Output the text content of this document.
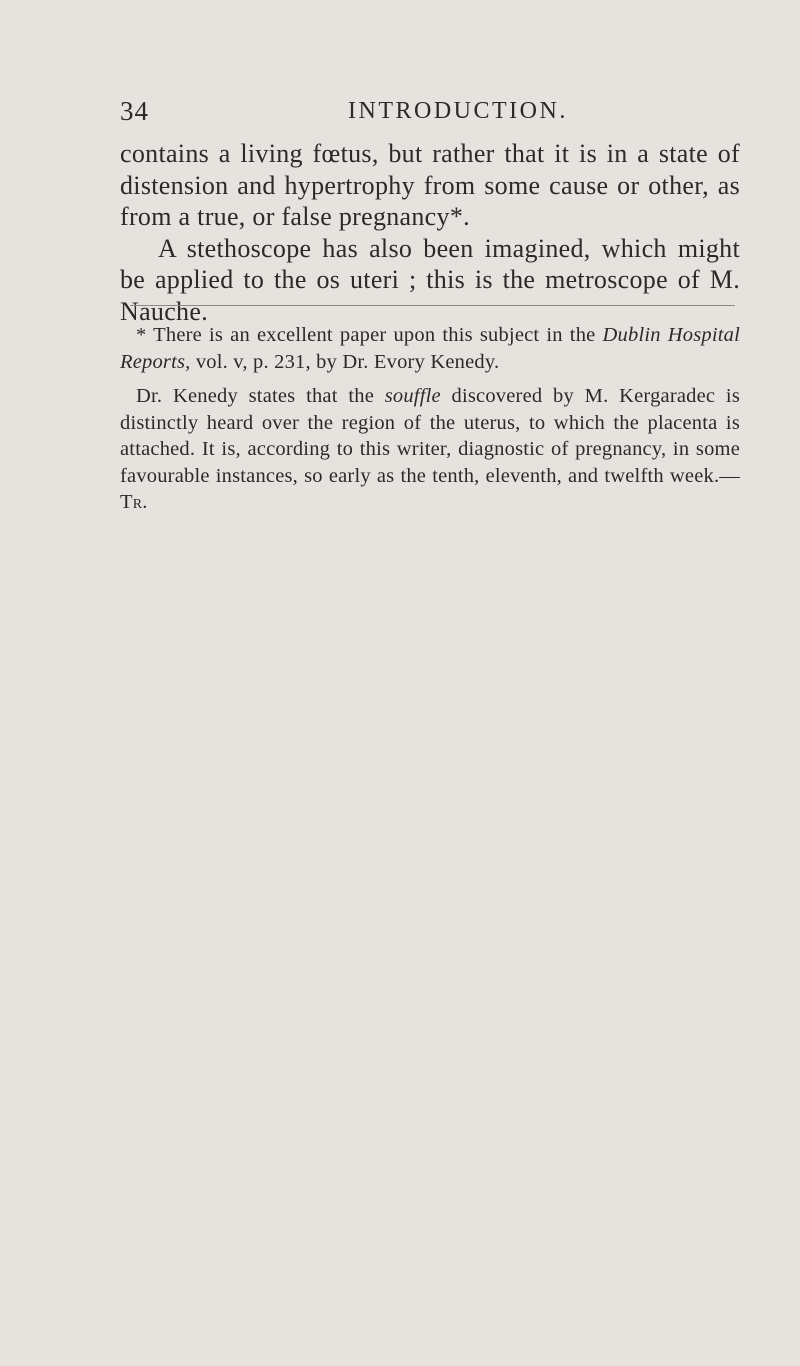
34	INTRODUCTION.

contains a living fœtus, but rather that it is in a state of distension and hypertrophy from some cause or other, as from a true, or false pregnancy*.

A stethoscope has also been imagined, which might be applied to the os uteri ; this is the metroscope of M. Nauche.

* There is an excellent paper upon this subject in the Dublin Hospital Reports, vol. v, p. 231, by Dr. Evory Kenedy.

Dr. Kenedy states that the souffle discovered by M. Kergaradec is distinctly heard over the region of the uterus, to which the placenta is attached. It is, according to this writer, diagnostic of pregnancy, in some favourable instances, so early as the tenth, eleventh, and twelfth week.—Tr.
